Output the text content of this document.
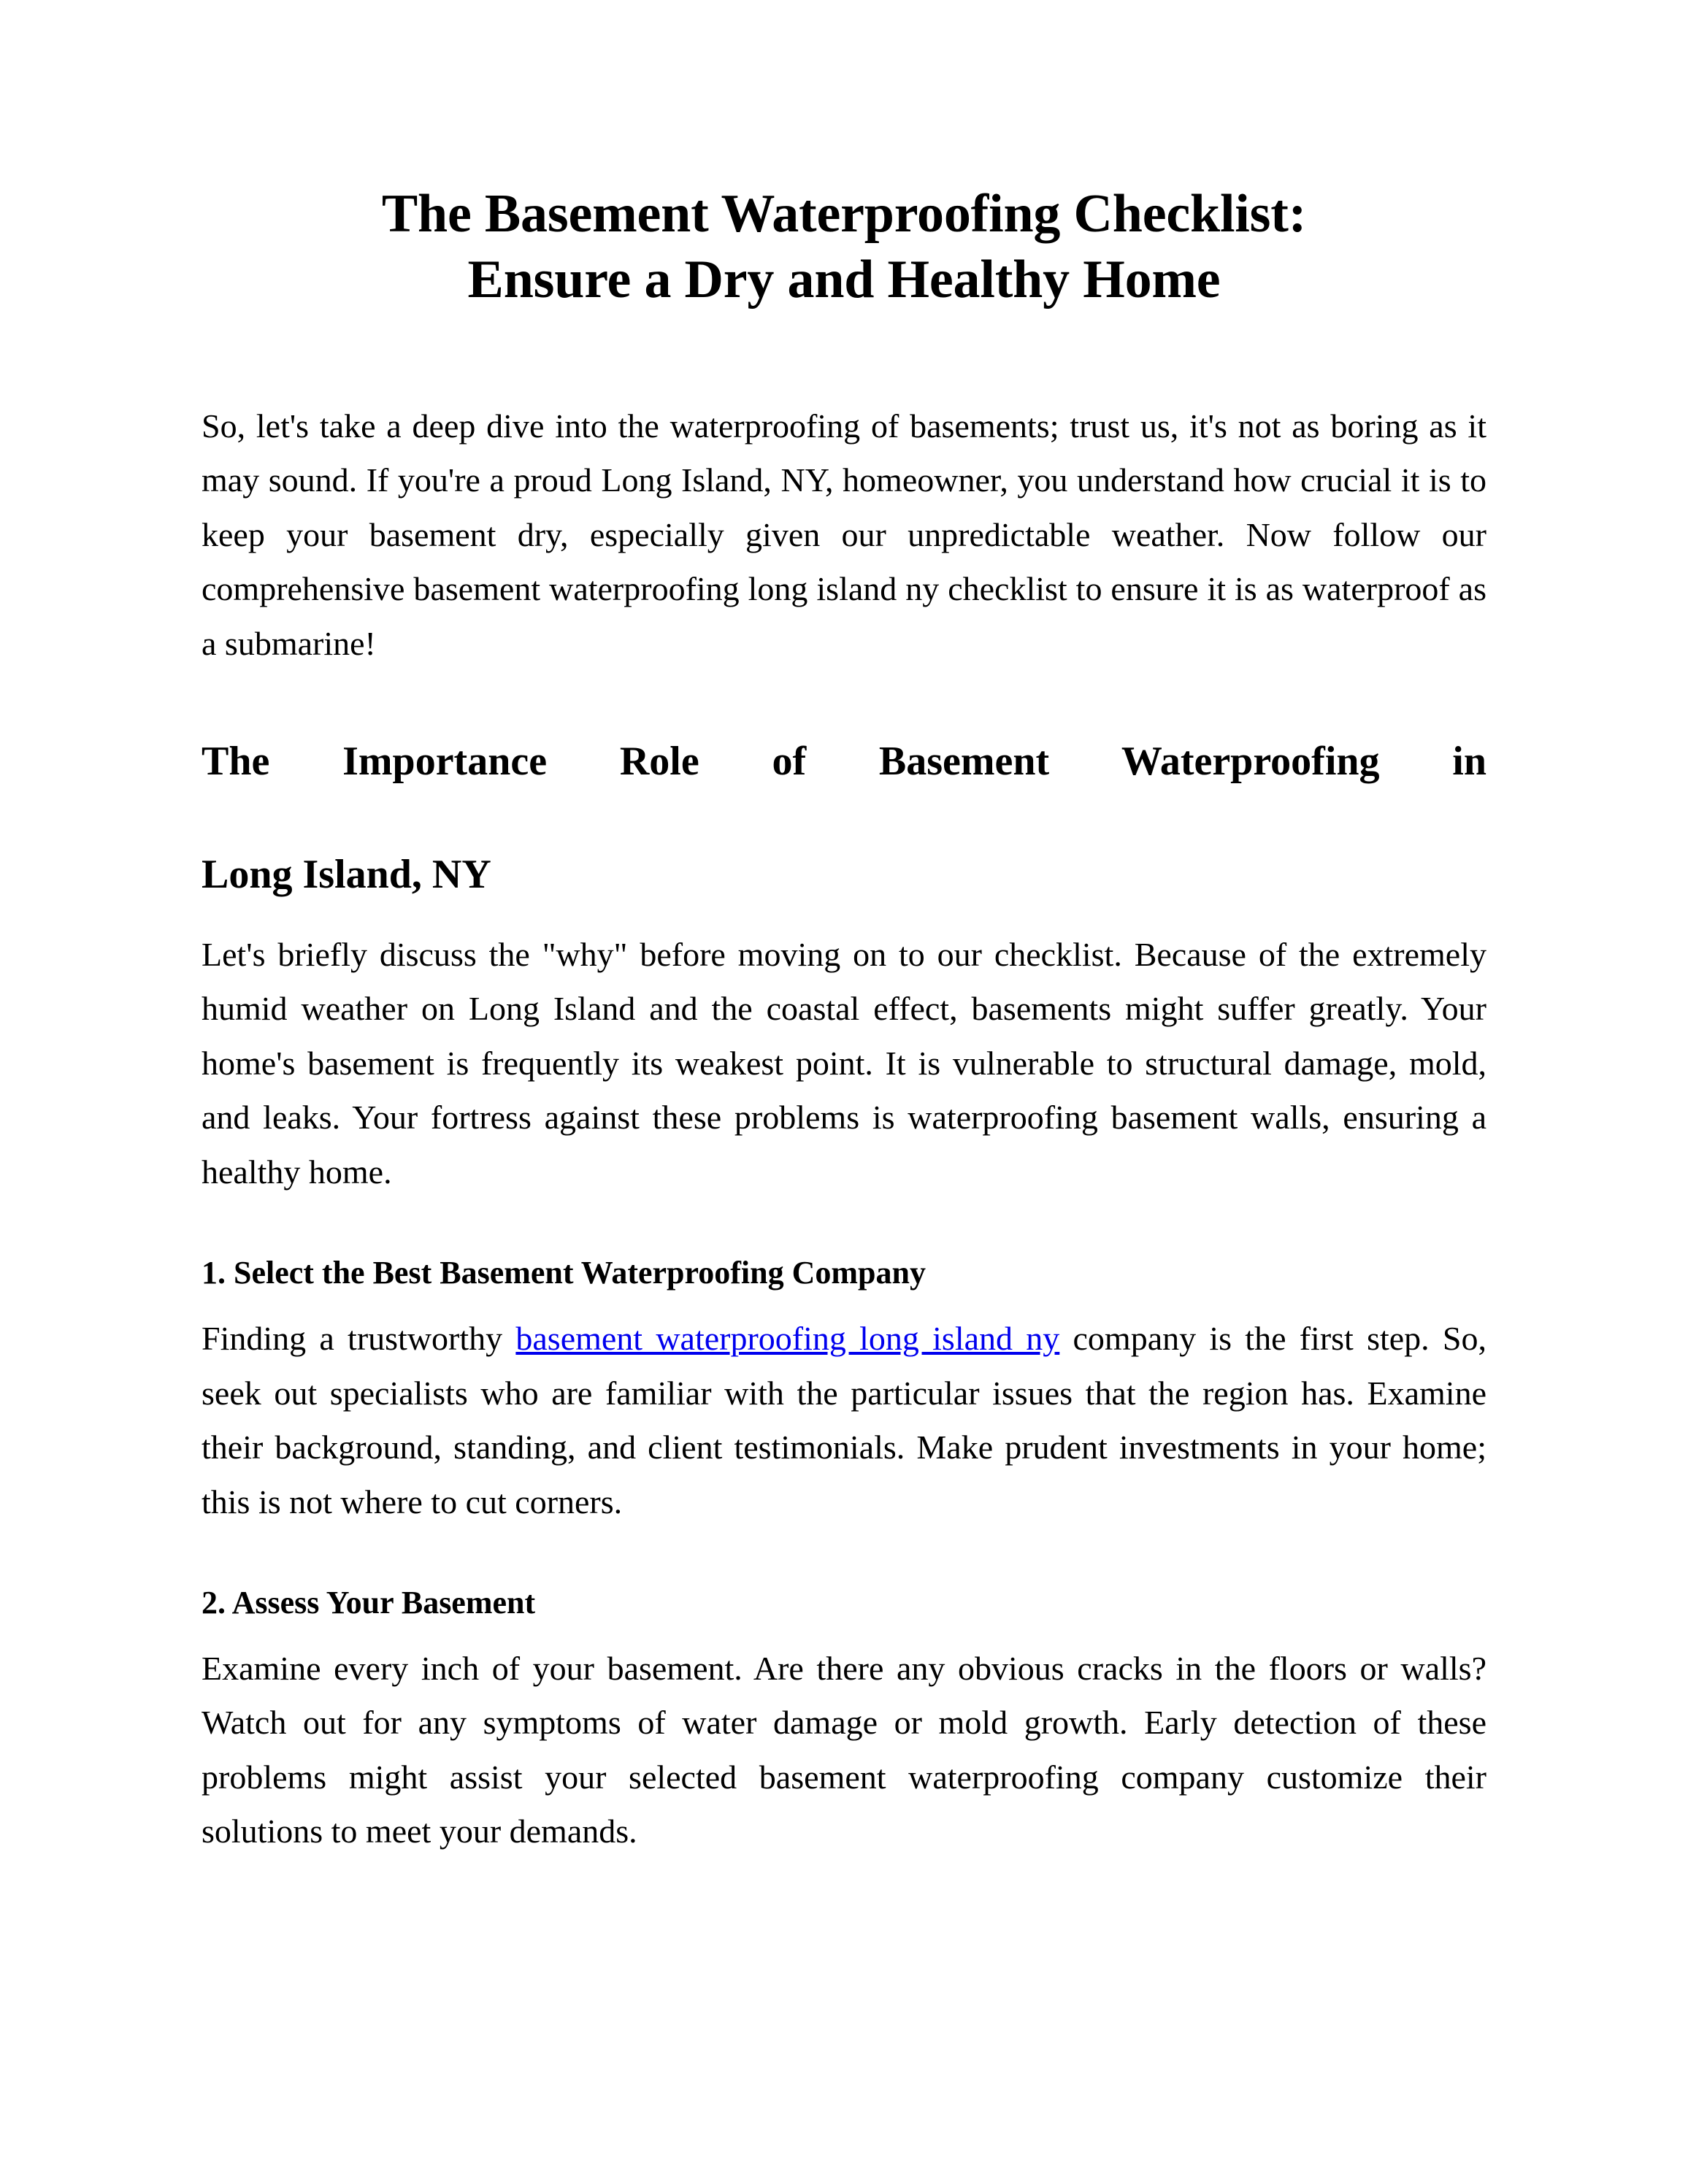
The Basement Waterproofing Checklist:
Ensure a Dry and Healthy Home

So, let's take a deep dive into the waterproofing of basements; trust us, it's not as boring as it may sound. If you're a proud Long Island, NY, homeowner, you understand how crucial it is to keep your basement dry, especially given our unpredictable weather. Now follow our comprehensive basement waterproofing long island ny checklist to ensure it is as waterproof as a submarine!

The Importance Role of Basement Waterproofing in
Long Island, NY

Let's briefly discuss the "why" before moving on to our checklist. Because of the extremely humid weather on Long Island and the coastal effect, basements might suffer greatly. Your home's basement is frequently its weakest point. It is vulnerable to structural damage, mold, and leaks. Your fortress against these problems is waterproofing basement walls, ensuring a healthy home.

1. Select the Best Basement Waterproofing Company

Finding a trustworthy basement waterproofing long island ny company is the first step. So, seek out specialists who are familiar with the particular issues that the region has. Examine their background, standing, and client testimonials. Make prudent investments in your home; this is not where to cut corners.

2. Assess Your Basement

Examine every inch of your basement. Are there any obvious cracks in the floors or walls? Watch out for any symptoms of water damage or mold growth. Early detection of these problems might assist your selected basement waterproofing company customize their solutions to meet your demands.
